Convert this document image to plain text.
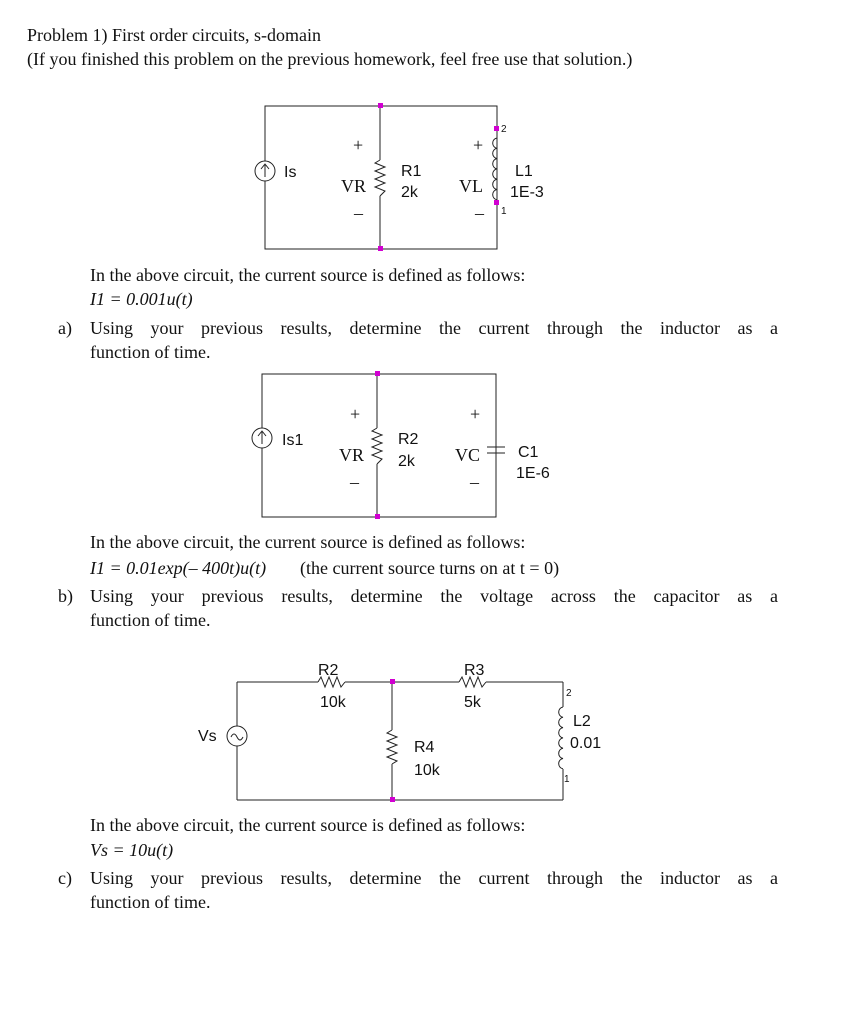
Problem 1) First order circuits, s-domain
(If you finished this problem on the previous homework, feel free use that solution.)
Is
+
VR
–
R1
2k
+
VL
–
L1
1E-3
2
1
In the above circuit, the current source is defined as follows:
I1 = 0.001u(t)
a) Using your previous results, determine the current through the inductor as a
function of time.
Is1
+
VR
–
R2
2k
+
VC
–
C1
1E-6
In the above circuit, the current source is defined as follows:
I1 = 0.01exp(– 400t)u(t) (the current source turns on at t = 0)
b) Using your previous results, determine the voltage across the capacitor as a
function of time.
Vs
R2
10k
R3
5k
R4
10k
L2
0.01
2
1
In the above circuit, the current source is defined as follows:
Vs = 10u(t)
c) Using your previous results, determine the current through the inductor as a
function of time.
